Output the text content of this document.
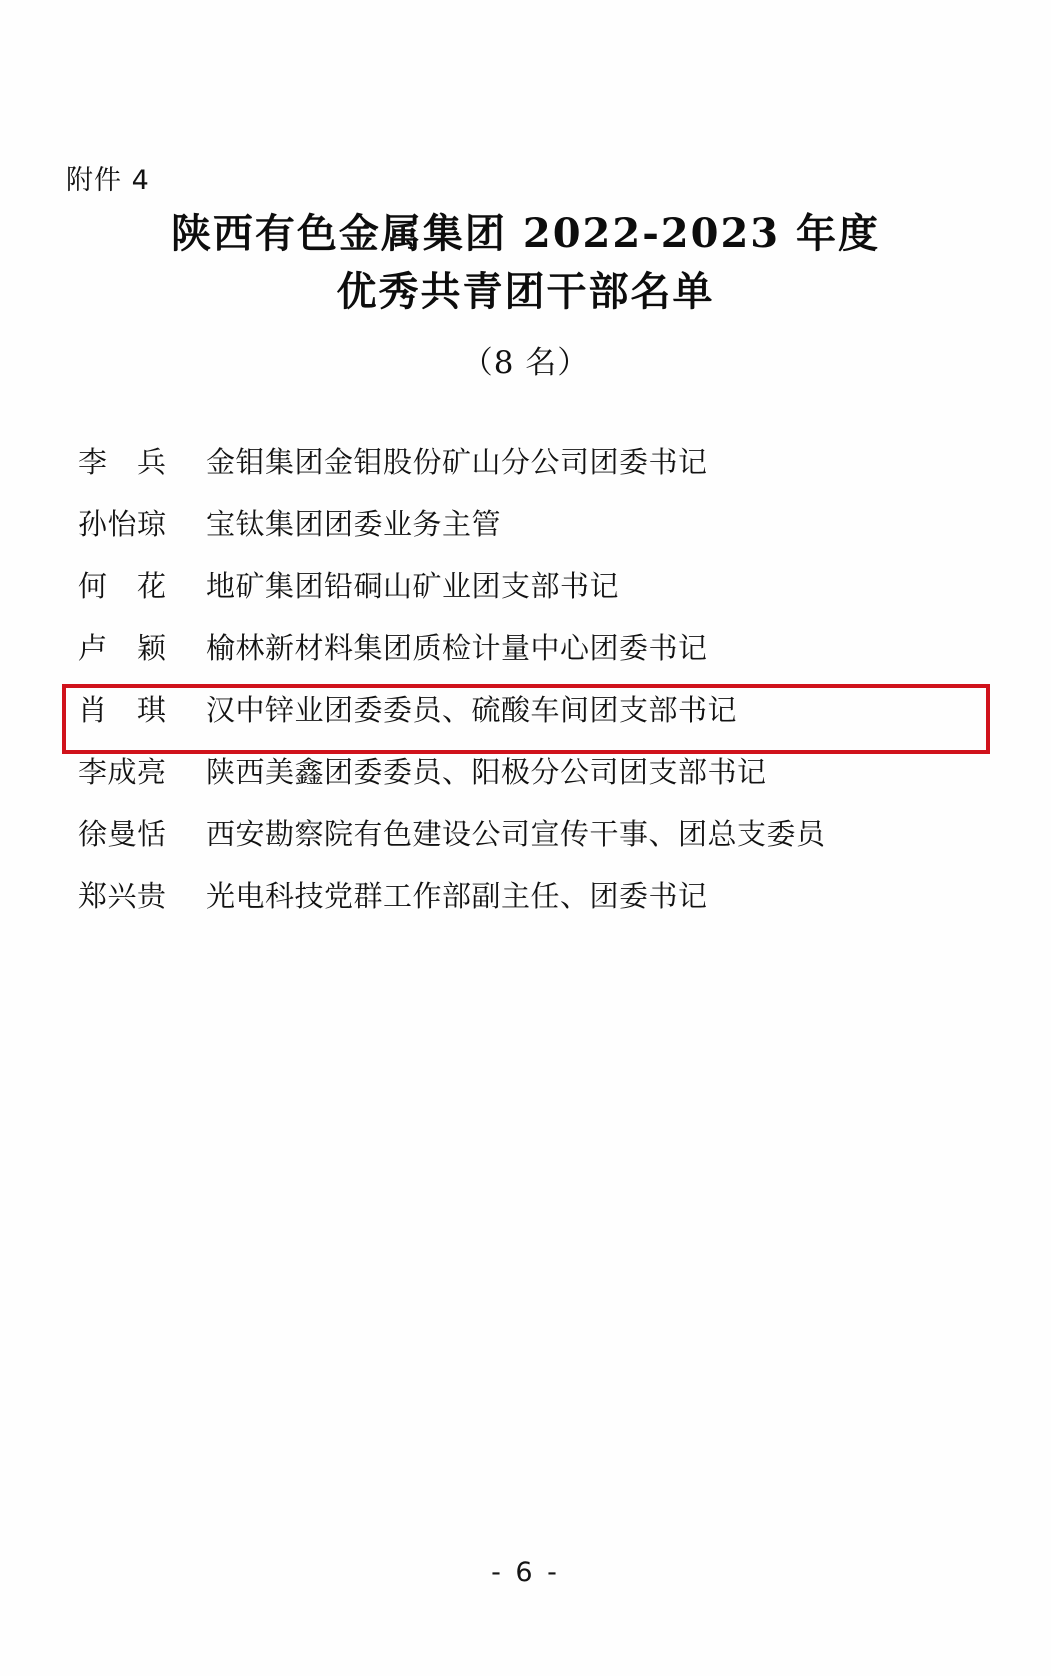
附件 4
陕西有色金属集团 2022-2023 年度
优秀共青团干部名单
（8 名）
李　兵	金钼集团金钼股份矿山分公司团委书记
孙怡琼	宝钛集团团委业务主管
何　花	地矿集团铅硐山矿业团支部书记
卢　颖	榆林新材料集团质检计量中心团委书记
肖　琪	汉中锌业团委委员、硫酸车间团支部书记
李成亮	陕西美鑫团委委员、阳极分公司团支部书记
徐曼恬	西安勘察院有色建设公司宣传干事、团总支委员
郑兴贵	光电科技党群工作部副主任、团委书记
- 6 -
